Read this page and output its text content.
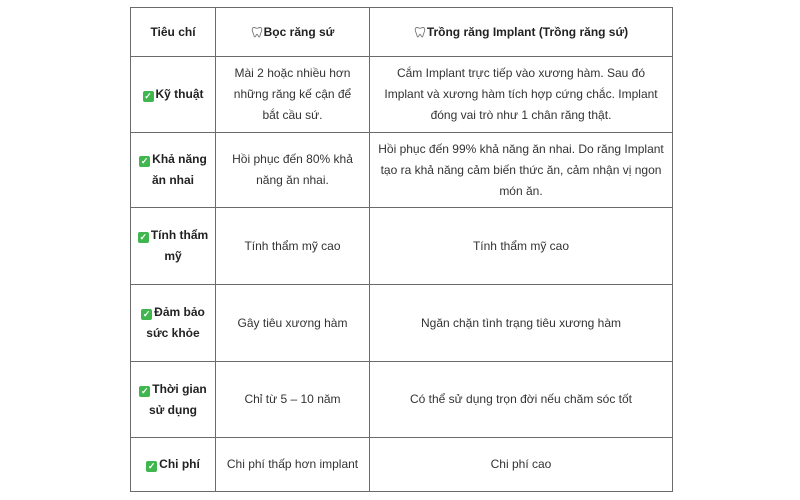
Tiêu chí	Bọc răng sứ	Trồng răng Implant (Trồng răng sứ)
✓ Kỹ thuật	Mài 2 hoặc nhiều hơn những răng kế cận để bắt cầu sứ.	Cắm Implant trực tiếp vào xương hàm. Sau đó Implant và xương hàm tích hợp cứng chắc. Implant đóng vai trò như 1 chân răng thật.
✓ Khả năng ăn nhai	Hồi phục đến 80% khả năng ăn nhai.	Hồi phục đến 99% khả năng ăn nhai. Do răng Implant tạo ra khả năng cảm biến thức ăn, cảm nhận vị ngon món ăn.
✓ Tính thẩm mỹ	Tính thẩm mỹ cao	Tính thẩm mỹ cao
✓ Đảm bảo sức khỏe	Gây tiêu xương hàm	Ngăn chặn tình trạng tiêu xương hàm
✓ Thời gian sử dụng	Chỉ từ 5 – 10 năm	Có thể sử dụng trọn đời nếu chăm sóc tốt
✓ Chi phí	Chi phí thấp hơn implant	Chi phí cao
